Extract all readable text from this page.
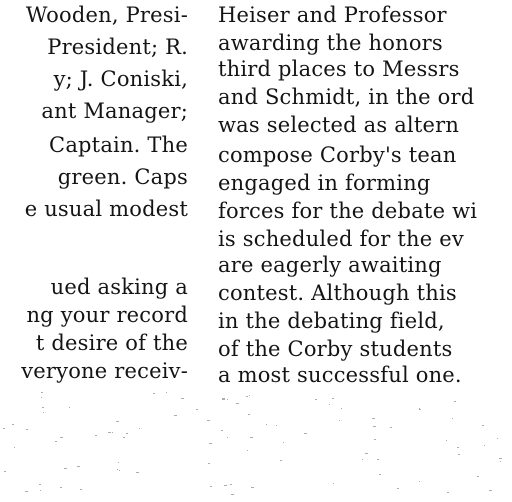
Wooden, Presi-
President; R.
y; J. Coniski,
ant Manager;
Captain. The
green. Caps
e usual modest
ued asking a
ng your record
t desire of the
veryone receiv-
Heiser and Professor
awarding the honors
third places to Messrs
and Schmidt, in the ord
was selected as altern
compose Corby's tean
engaged in forming
forces for the debate wi
is scheduled for the ev
are eagerly awaiting
contest. Although this
in the debating field,
of the Corby students
a most successful one.
